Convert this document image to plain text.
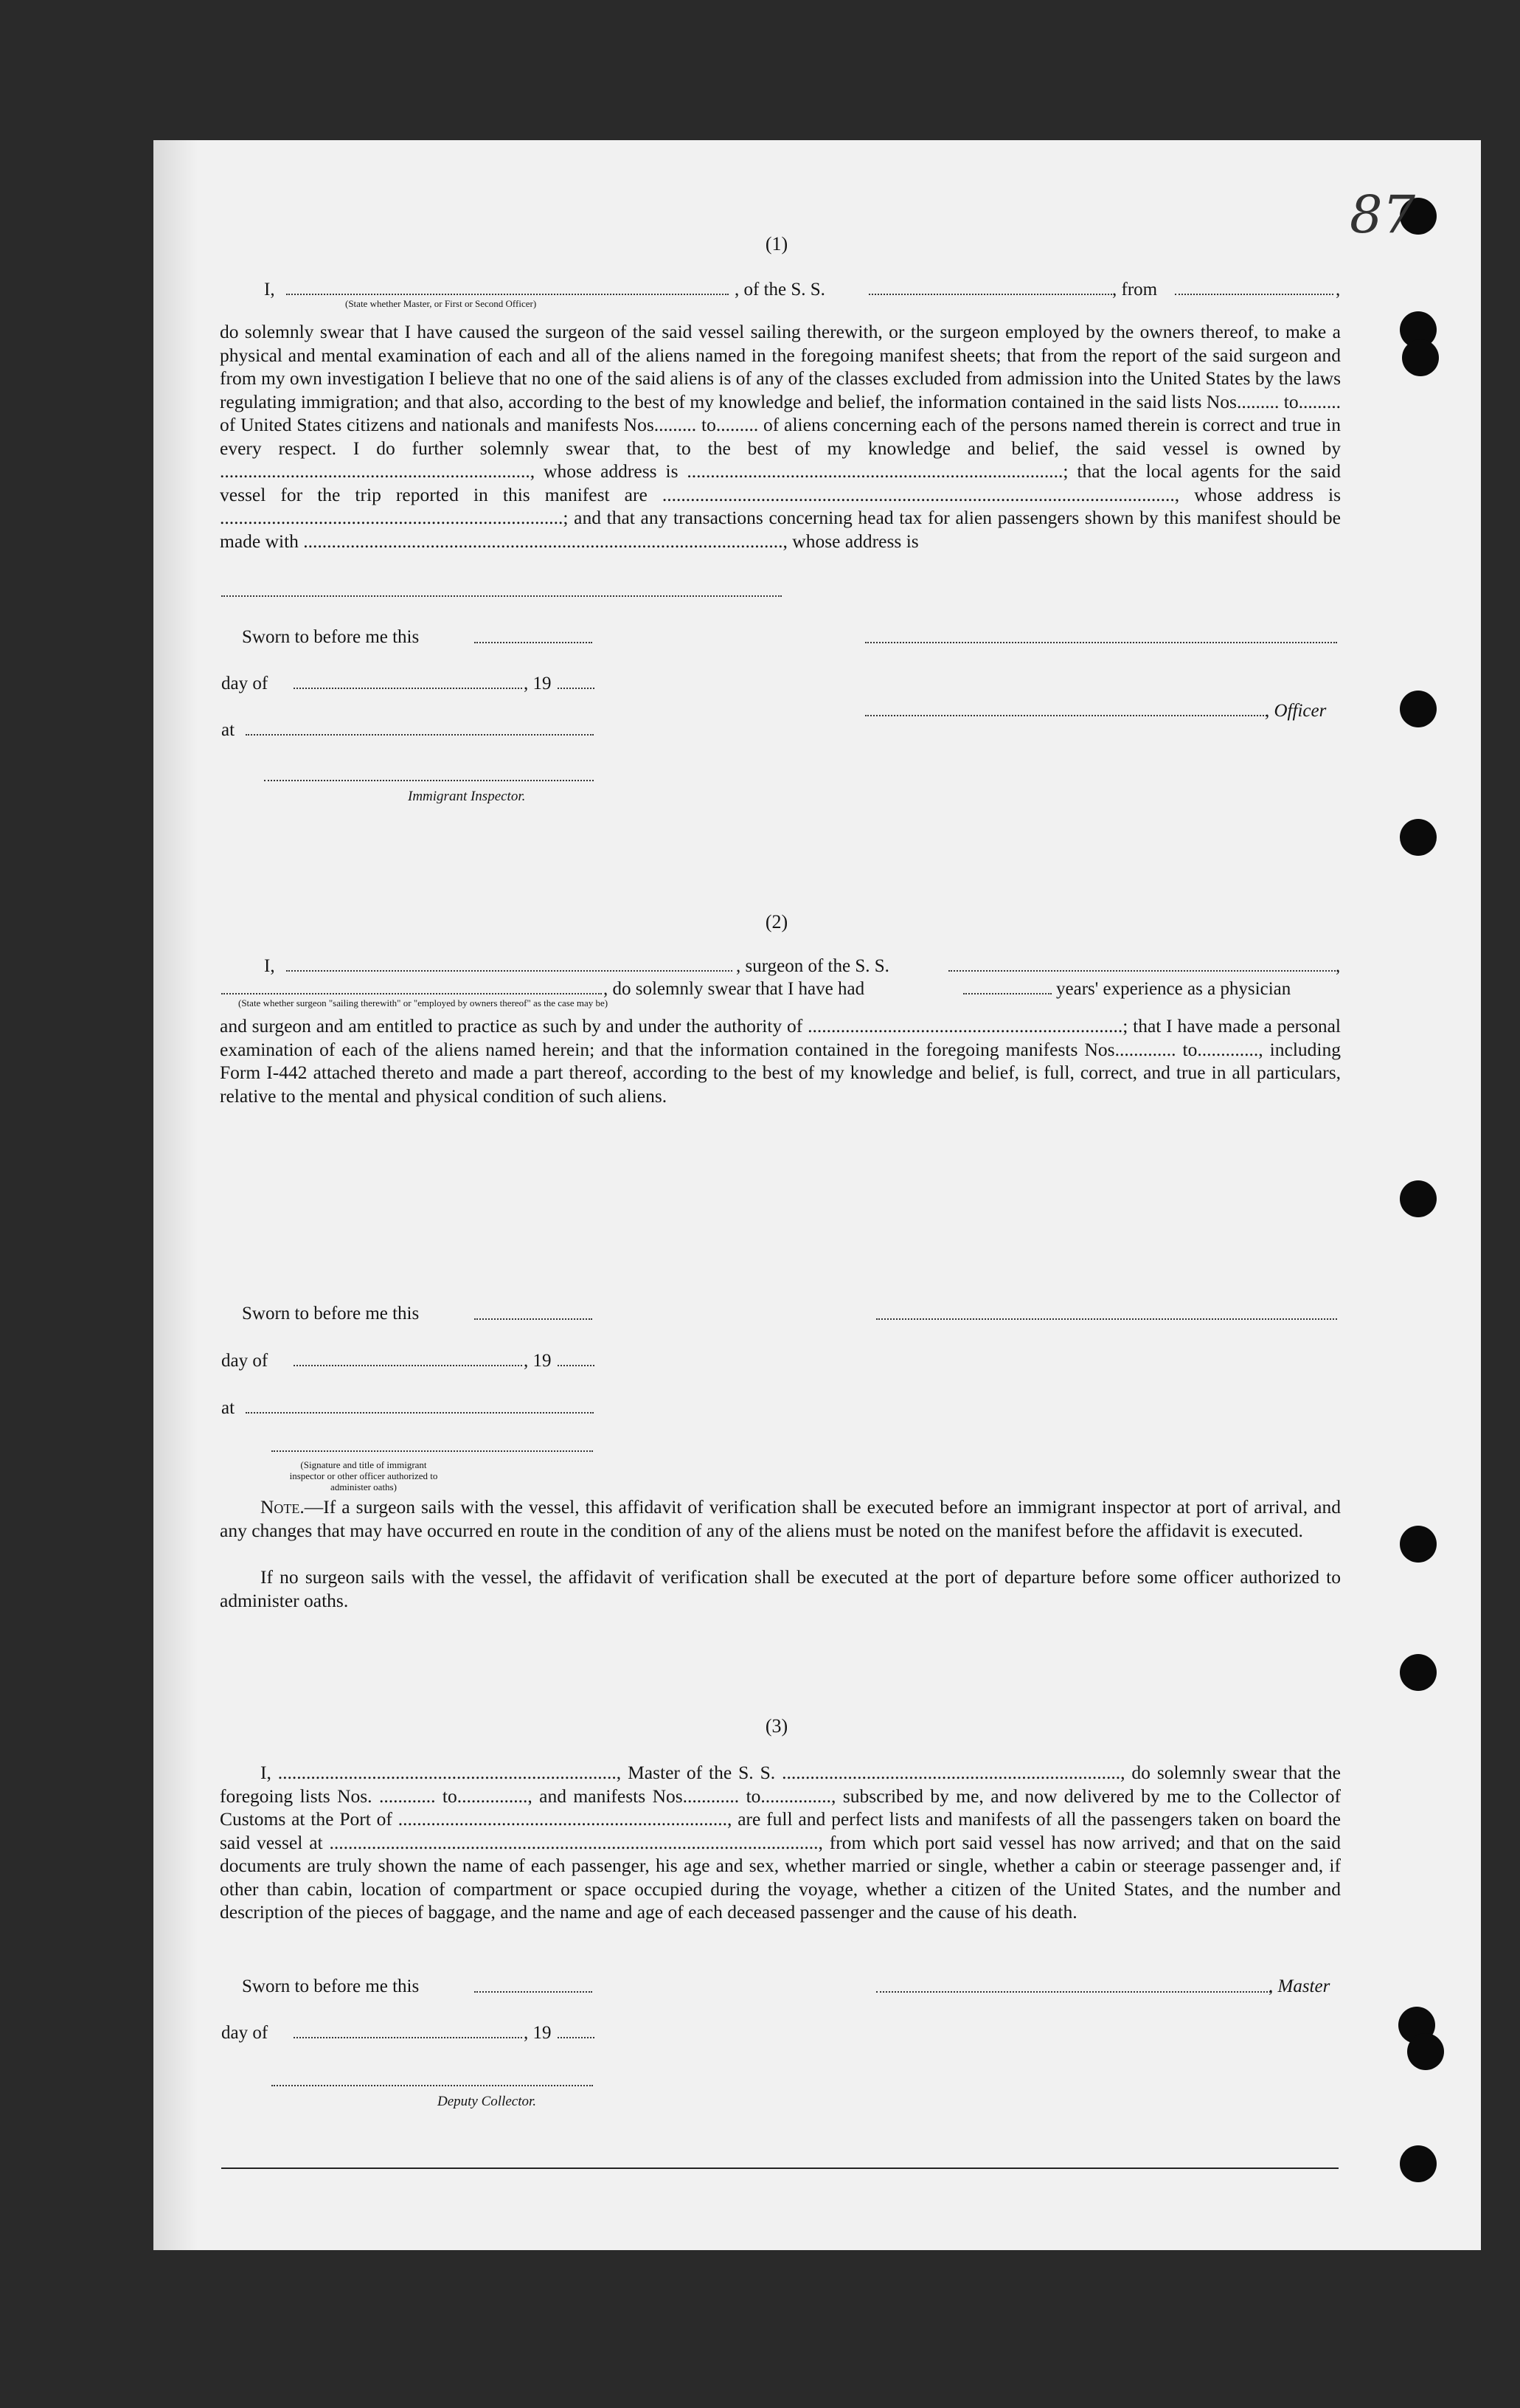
87
(1)
I,	, of the S. S.	, from	,
(State whether Master, or First or Second Officer)
do solemnly swear that I have caused the surgeon of the said vessel sailing therewith, or the surgeon employed by the owners thereof, to make a physical and mental examination of each and all of the aliens named in the foregoing manifest sheets; that from the report of the said surgeon and from my own investigation I believe that no one of the said aliens is of any of the classes excluded from admission into the United States by the laws regulating immigration; and that also, according to the best of my knowledge and belief, the information contained in the said lists Nos......... to......... of United States citizens and nationals and manifests Nos......... to......... of aliens concerning each of the persons named therein is correct and true in every respect. I do further solemnly swear that, to the best of my knowledge and belief, the said vessel is owned by .................................................................., whose address is ................................................................................; that the local agents for the said vessel for the trip reported in this manifest are ............................................................................................................., whose address is .........................................................................; and that any transactions concerning head tax for alien passengers shown by this manifest should be made with ......................................................................................................, whose address is
Sworn to before me this
day of	, 19
at
Immigrant Inspector.
, Officer
(2)
I,	, surgeon of the S. S.	,
, do solemnly swear that I have had	years' experience as a physician
(State whether surgeon "sailing therewith" or "employed by owners thereof" as the case may be)
and surgeon and am entitled to practice as such by and under the authority of ...................................................................; that I have made a personal examination of each of the aliens named herein; and that the information contained in the foregoing manifests Nos............. to............., including Form I-442 attached thereto and made a part thereof, according to the best of my knowledge and belief, is full, correct, and true in all particulars, relative to the mental and physical condition of such aliens.
Sworn to before me this
day of	, 19
at
(Signature and title of immigrant inspector or other officer authorized to administer oaths)
Note.—If a surgeon sails with the vessel, this affidavit of verification shall be executed before an immigrant inspector at port of arrival, and any changes that may have occurred en route in the condition of any of the aliens must be noted on the manifest before the affidavit is executed.
If no surgeon sails with the vessel, the affidavit of verification shall be executed at the port of departure before some officer authorized to administer oaths.
(3)
I, ........................................................................, Master of the S. S. ........................................................................, do solemnly swear that the foregoing lists Nos. ............ to..............., and manifests Nos............ to..............., subscribed by me, and now delivered by me to the Collector of Customs at the Port of ......................................................................, are full and perfect lists and manifests of all the passengers taken on board the said vessel at ........................................................................................................, from which port said vessel has now arrived; and that on the said documents are truly shown the name of each passenger, his age and sex, whether married or single, whether a cabin or steerage passenger and, if other than cabin, location of compartment or space occupied during the voyage, whether a citizen of the United States, and the number and description of the pieces of baggage, and the name and age of each deceased passenger and the cause of his death.
Sworn to before me this	, Master
day of	, 19
Deputy Collector.
